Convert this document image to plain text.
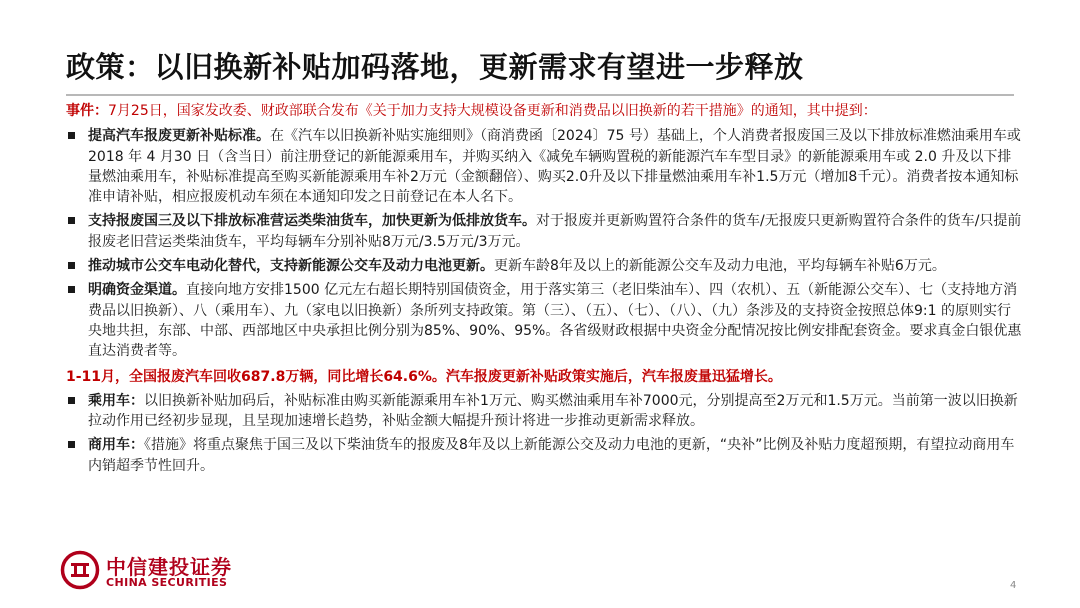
政策：以旧换新补贴加码落地，更新需求有望进一步释放
事件：7月25日，国家发改委、财政部联合发布《关于加力支持大规模设备更新和消费品以旧换新的若干措施》的通知，其中提到：
提高汽车报废更新补贴标准。在《汽车以旧换新补贴实施细则》（商消费函〔2024〕75 号）基础上，个人消费者报废国三及以下排放标准燃油乘用车或 2018 年 4 月30 日（含当日）前注册登记的新能源乘用车，并购买纳入《减免车辆购置税的新能源汽车车型目录》的新能源乘用车或 2.0 升及以下排量燃油乘用车，补贴标准提高至购买新能源乘用车补2万元（金额翻倍）、购买2.0升及以下排量燃油乘用车补1.5万元（增加8千元）。消费者按本通知标准申请补贴，相应报废机动车须在本通知印发之日前登记在本人名下。
支持报废国三及以下排放标准营运类柴油货车，加快更新为低排放货车。对于报废并更新购置符合条件的货车/无报废只更新购置符合条件的货车/只提前报废老旧营运类柴油货车，平均每辆车分别补贴8万元/3.5万元/3万元。
推动城市公交车电动化替代，支持新能源公交车及动力电池更新。更新车龄8年及以上的新能源公交车及动力电池，平均每辆车补贴6万元。
明确资金渠道。直接向地方安排1500 亿元左右超长期特别国债资金，用于落实第三（老旧柴油车）、四（农机）、五（新能源公交车）、七（支持地方消费品以旧换新）、八（乘用车）、九（家电以旧换新）条所列支持政策。第（三）、（五）、（七）、（八）、（九）条涉及的支持资金按照总体9:1 的原则实行央地共担，东部、中部、西部地区中央承担比例分别为85%、90%、95%。各省级财政根据中央资金分配情况按比例安排配套资金。要求真金白银优惠直达消费者等。
1-11月，全国报废汽车回收687.8万辆，同比增长64.6%。汽车报废更新补贴政策实施后，汽车报废量迅猛增长。
乘用车：以旧换新补贴加码后，补贴标准由购买新能源乘用车补1万元、购买燃油乘用车补7000元，分别提高至2万元和1.5万元。当前第一波以旧换新拉动作用已经初步显现，且呈现加速增长趋势，补贴金额大幅提升预计将进一步推动更新需求释放。
商用车：《措施》将重点聚焦于国三及以下柴油货车的报废及8年及以上新能源公交及动力电池的更新，“央补”比例及补贴力度超预期，有望拉动商用车内销超季节性回升。
中信建投证券
CHINA SECURITIES	4
